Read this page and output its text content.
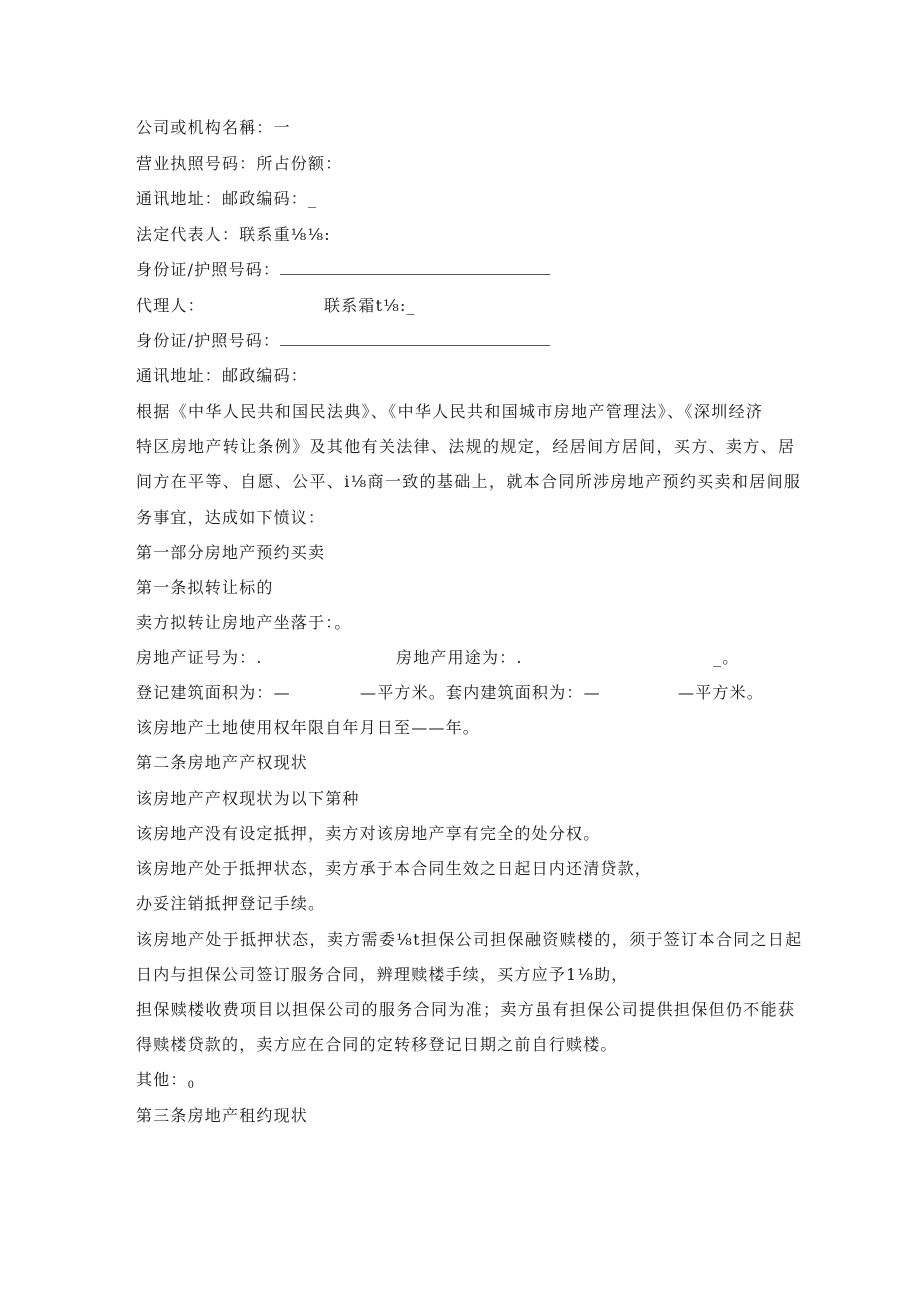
公司或机构名稱：一
营业执照号码：所占份额：
通讯地址：邮政编码：_
法定代表人：联系重⅛⅛:
身份证/护照号码：
代理人：	联系霜t⅛:_
身份证/护照号码：
通讯地址：邮政编码：
根据《中华人民共和国民法典》、《中华人民共和国城市房地产管理法》、《深圳经济
特区房地产转让条例》及其他有关法律、法规的规定，经居间方居间，买方、卖方、居
间方在平等、自愿、公平、i⅛商一致的基础上，就本合同所涉房地产预约买卖和居间服
务事宜，达成如下愤议：
第一部分房地产预约买卖
第一条拟转让标的
卖方拟转让房地产坐落于：。
房地产证号为：.	房地产用途为：.	_。
登记建筑面积为：—	—平方米。套内建筑面积为：—	—平方米。
该房地产土地使用权年限自年月日至——年。
第二条房地产产权现状
该房地产产权现状为以下第种
该房地产没有设定抵押，卖方对该房地产享有完全的处分权。
该房地产处于抵押状态，卖方承于本合同生效之日起日内还清贷款，
办妥注销抵押登记手续。
该房地产处于抵押状态，卖方需委⅛t担保公司担保融资赎楼的，须于签订本合同之日起
日内与担保公司签订服务合同，辨理赎楼手续，买方应予1⅛助，
担保赎楼收费项目以担保公司的服务合同为准；卖方虽有担保公司提供担保但仍不能获
得赎楼贷款的，卖方应在合同的定转移登记日期之前自行赎楼。
其他：0
第三条房地产租约现状
